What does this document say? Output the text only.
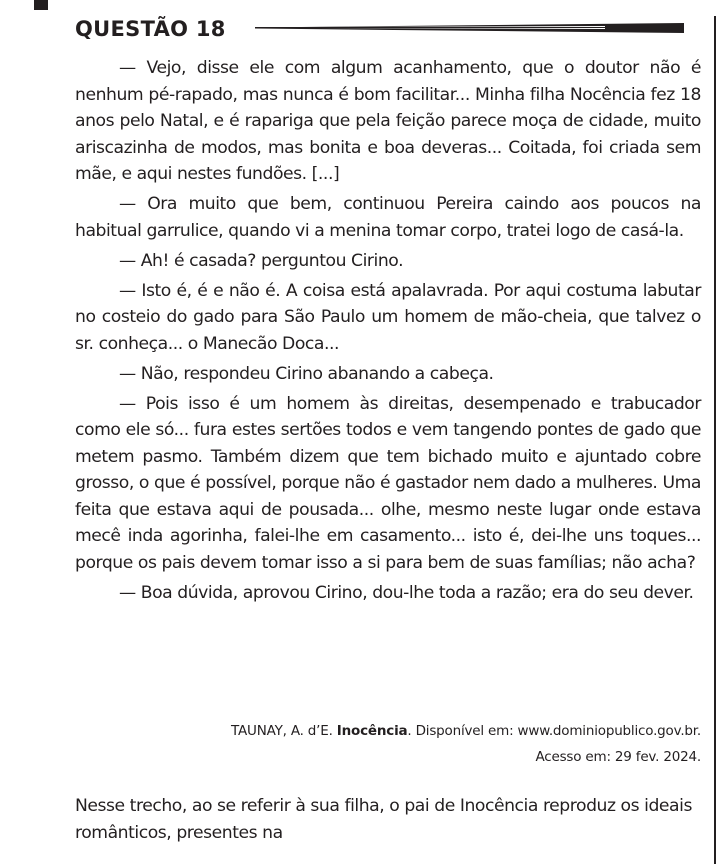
QUESTÃO 18

— Vejo, disse ele com algum acanhamento, que o doutor não é nenhum pé-rapado, mas nunca é bom facilitar... Minha filha Nocência fez 18 anos pelo Natal, e é rapariga que pela feição parece moça de cidade, muito ariscazinha de modos, mas bonita e boa deveras... Coitada, foi criada sem mãe, e aqui nestes fundões. [...]

— Ora muito que bem, continuou Pereira caindo aos poucos na habitual garrulice, quando vi a menina tomar corpo, tratei logo de casá-la.

— Ah! é casada? perguntou Cirino.

— Isto é, é e não é. A coisa está apalavrada. Por aqui costuma labutar no costeio do gado para São Paulo um homem de mão-cheia, que talvez o sr. conheça... o Manecão Doca...

— Não, respondeu Cirino abanando a cabeça.

— Pois isso é um homem às direitas, desempenado e trabucador como ele só... fura estes sertões todos e vem tangendo pontes de gado que metem pasmo. Também dizem que tem bichado muito e ajuntado cobre grosso, o que é possível, porque não é gastador nem dado a mulheres. Uma feita que estava aqui de pousada... olhe, mesmo neste lugar onde estava mecê inda agorinha, falei-lhe em casamento... isto é, dei-lhe uns toques... porque os pais devem tomar isso a si para bem de suas famílias; não acha?

— Boa dúvida, aprovou Cirino, dou-lhe toda a razão; era do seu dever.

TAUNAY, A. d’E. Inocência. Disponível em: www.dominiopublico.gov.br.
Acesso em: 29 fev. 2024.
Nesse trecho, ao se referir à sua filha, o pai de Inocência reproduz os ideais românticos, presentes na
